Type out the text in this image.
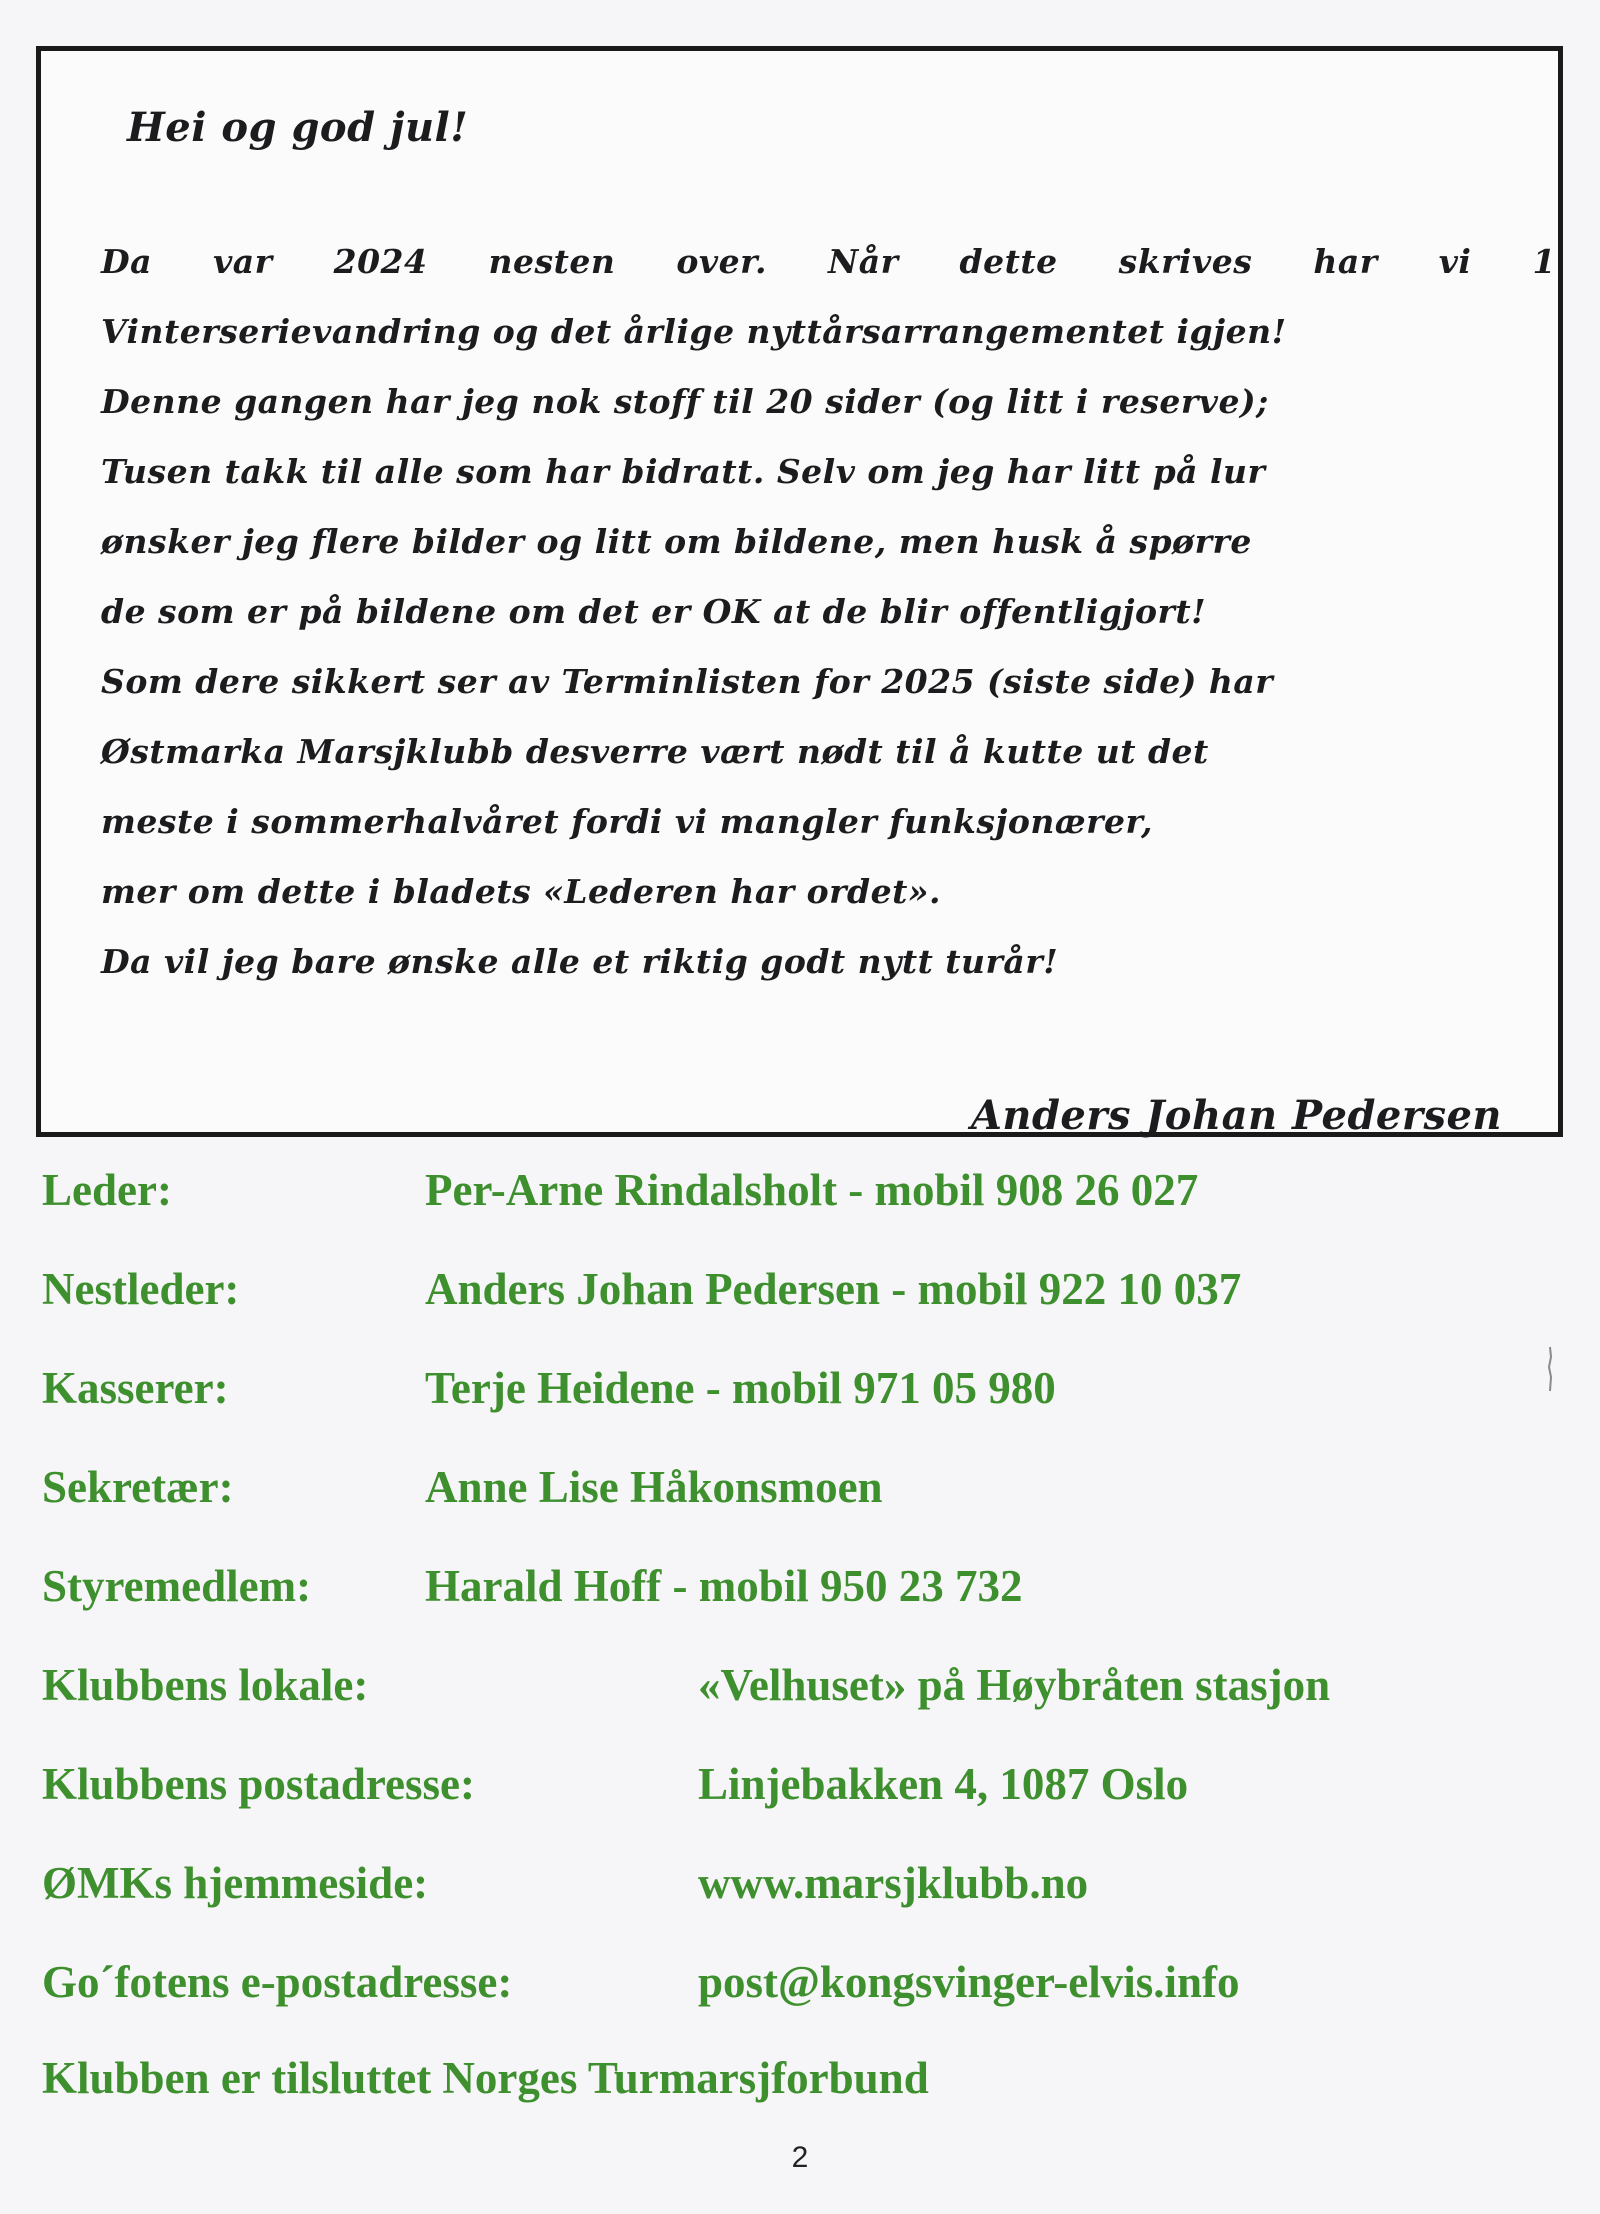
Hei og god jul!
Da var 2024 nesten over. Når dette skrives har vi 1
Vinterserievandring og det årlige nyttårsarrangementet igjen!
Denne gangen har jeg nok stoff til 20 sider (og litt i reserve);
Tusen takk til alle som har bidratt. Selv om jeg har litt på lur
ønsker jeg flere bilder og litt om bildene, men husk å spørre
de som er på bildene om det er OK at de blir offentligjort!
Som dere sikkert ser av Terminlisten for 2025 (siste side) har
Østmarka Marsjklubb desverre vært nødt til å kutte ut det
meste i sommerhalvåret fordi vi mangler funksjonærer,
mer om dette i bladets «Lederen har ordet».
Da vil jeg bare ønske alle et riktig godt nytt turår!
Anders Johan Pedersen
Leder:	Per-Arne Rindalsholt - mobil 908 26 027
Nestleder:	Anders Johan Pedersen - mobil 922 10 037
Kasserer:	Terje Heidene - mobil 971 05 980
Sekretær:	Anne Lise Håkonsmoen
Styremedlem:	Harald Hoff - mobil 950 23 732
Klubbens lokale:	«Velhuset» på Høybråten stasjon
Klubbens postadresse:	Linjebakken 4, 1087 Oslo
ØMKs hjemmeside:	www.marsjklubb.no
Go´fotens e-postadresse:	post@kongsvinger-elvis.info
Klubben er tilsluttet Norges Turmarsjforbund
2
